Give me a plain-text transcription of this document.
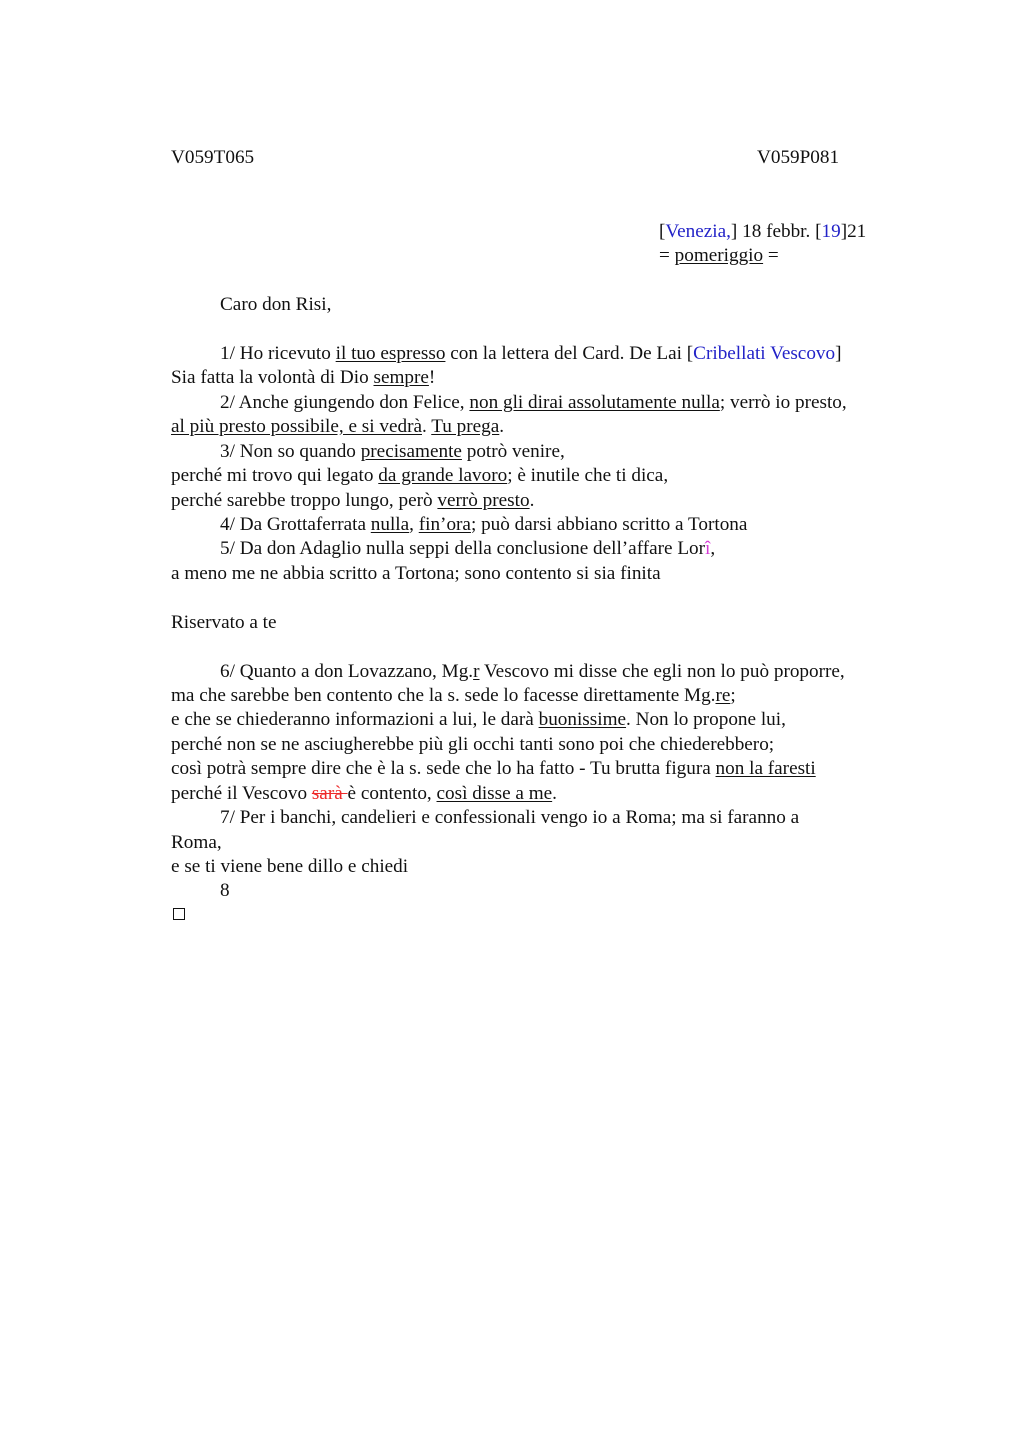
V059T065	V059P081
[Venezia,] 18 febbr. [19]21
= pomeriggio =
Caro don Risi,
1/ Ho ricevuto il tuo espresso con la lettera del Card. De Lai [Cribellati Vescovo]
Sia fatta la volontà di Dio sempre!
2/ Anche giungendo don Felice, non gli dirai assolutamente nulla; verrò io presto,
al più presto possibile, e si vedrà. Tu prega.
3/ Non so quando precisamente potrò venire,
perché mi trovo qui legato da grande lavoro; è inutile che ti dica,
perché sarebbe troppo lungo, però verrò presto.
4/ Da Grottaferrata nulla, fin’ora; può darsi abbiano scritto a Tortona
5/ Da don Adaglio nulla seppi della conclusione dell’affare Lorî,
a meno me ne abbia scritto a Tortona; sono contento si sia finita
Riservato a te
6/ Quanto a don Lovazzano, Mg.r Vescovo mi disse che egli non lo può proporre,
ma che sarebbe ben contento che la s. sede lo facesse direttamente Mg.re;
e che se chiederanno informazioni a lui, le darà buonissime. Non lo propone lui,
perché non se ne asciugherebbe più gli occhi tanti sono poi che chiederebbero;
così potrà sempre dire che è la s. sede che lo ha fatto - Tu brutta figura non la faresti
perché il Vescovo sarà è contento, così disse a me.
7/ Per i banchi, candelieri e confessionali vengo io a Roma; ma si faranno a
Roma,
e se ti viene bene dillo e chiedi
8
